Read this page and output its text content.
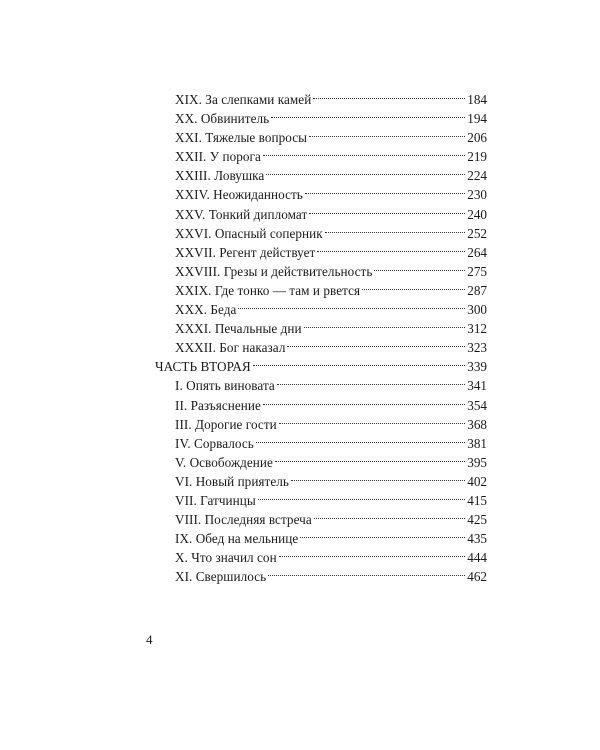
XIX. За слепками камей	184
XX. Обвинитель	194
XXI. Тяжелые вопросы	206
XXII. У порога	219
XXIII. Ловушка	224
XXIV. Неожиданность	230
XXV. Тонкий дипломат	240
XXVI. Опасный соперник	252
XXVII. Регент действует	264
XXVIII. Грезы и действительность	275
XXIX. Где тонко — там и рвется	287
XXX. Беда	300
XXXI. Печальные дни	312
XXXII. Бог наказал	323
ЧАСТЬ ВТОРАЯ	339
I. Опять виновата	341
II. Разъяснение	354
III. Дорогие гости	368
IV. Сорвалось	381
V. Освобождение	395
VI. Новый приятель	402
VII. Гатчинцы	415
VIII. Последняя встреча	425
IX. Обед на мельнице	435
X. Что значил сон	444
XI. Свершилось	462
4
